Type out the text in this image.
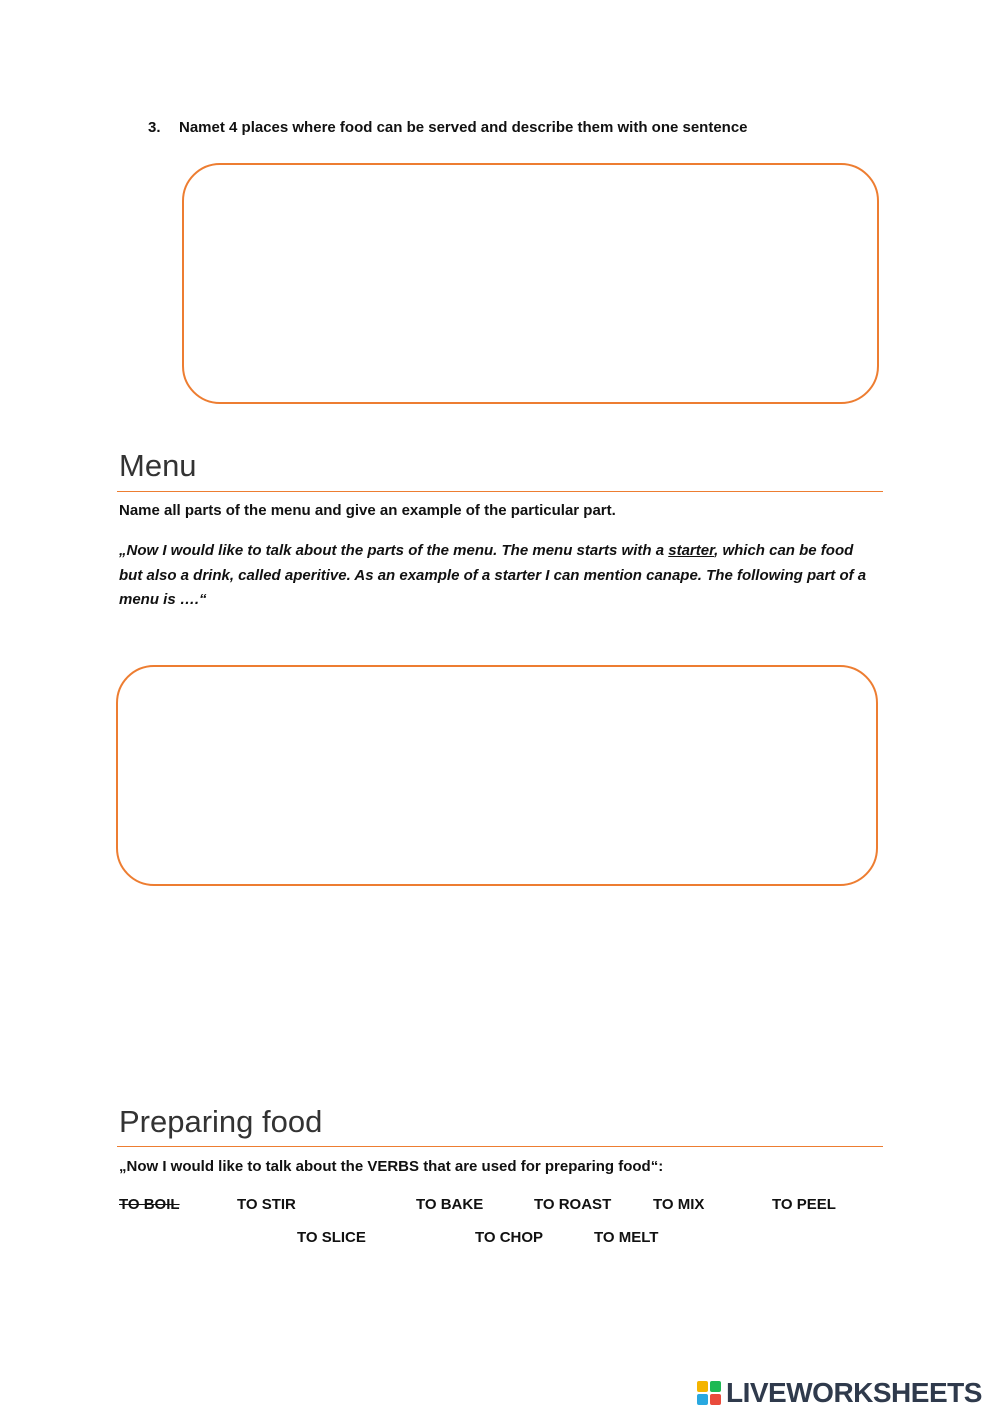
3. Namet 4 places where food can be served and describe them with one sentence
Menu
Name all parts of the menu and give an example of the particular part.
„Now I would like to talk about the parts of the menu. The menu starts with a starter, which can be food but also a drink, called aperitive. As an example of a starter I can mention canape. The following part of a menu is ….“
Preparing food
„Now I would like to talk about the VERBS that are used for preparing food“:
TO BOIL	TO STIR	TO BAKE	TO ROAST	TO MIX	TO PEEL
TO SLICE	TO CHOP	TO MELT
LIVEWORKSHEETS
